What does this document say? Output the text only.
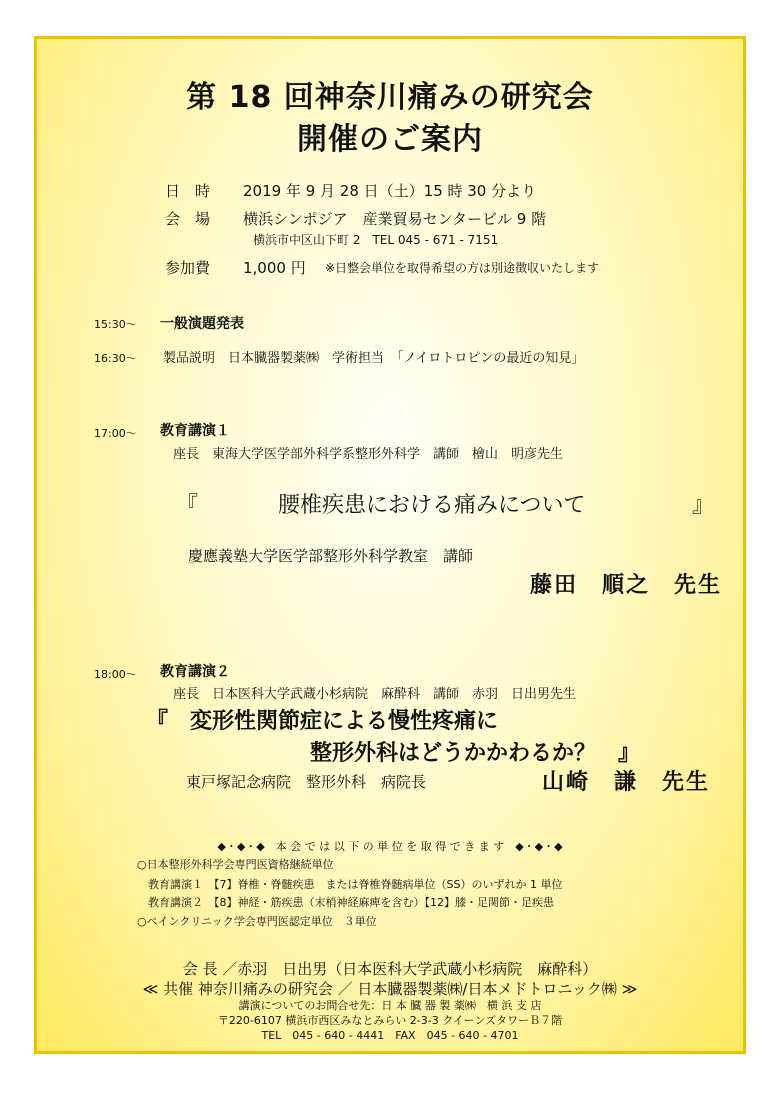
第 18 回神奈川痛みの研究会
開催のご案内
日　時 2019 年 9 月 28 日（土）15 時 30 分より
会　場 横浜シンポジア　産業貿易センタービル 9 階
横浜市中区山下町 2　TEL 045 - 671 - 7151
参加費 1,000 円 ※日整会単位を取得希望の方は別途徴収いたします
15:30～ 一般演題発表
16:30～ 製品説明　日本臓器製薬㈱　学術担当　「ノイロトロピンの最近の知見」
17:00～ 教育講演１
座長　東海大学医学部外科学系整形外科学　講師　檜山　明彦先生
『	腰椎疾患における痛みについて	』
慶應義塾大学医学部整形外科学教室　講師
藤田　順之　先生
18:00～ 教育講演２
座長　日本医科大学武蔵小杉病院　麻酔科　講師　赤羽　日出男先生
『　変形性関節症による慢性疼痛に
整形外科はどうかかわるか？　』
東戸塚記念病院　整形外科　病院長	山崎　謙　先生
◆・◆・◆　本 会 で は 以 下 の 単 位 を 取 得 で き ま す　◆・◆・◆
○日本整形外科学会専門医資格継続単位
教育講演１　【7】脊椎・脊髄疾患　または脊椎脊髄病単位（SS）のいずれか 1 単位
教育講演２　【8】神経・筋疾患（末梢神経麻痺を含む）【12】膝・足関節・足疾患
○ペインクリニック学会専門医認定単位　３単位
会 長 ／赤羽　日出男（日本医科大学武蔵小杉病院　麻酔科）
≪ 共催 神奈川痛みの研究会 ／ 日本臓器製薬㈱/日本メドトロニック㈱ ≫
講演についてのお問合せ先：日 本 臓 器 製 薬㈱　横 浜 支 店
〒220-6107 横浜市西区みなとみらい 2-3-3 クイーンズタワーＢ７階
TEL　045 - 640 - 4441　FAX　045 - 640 - 4701
